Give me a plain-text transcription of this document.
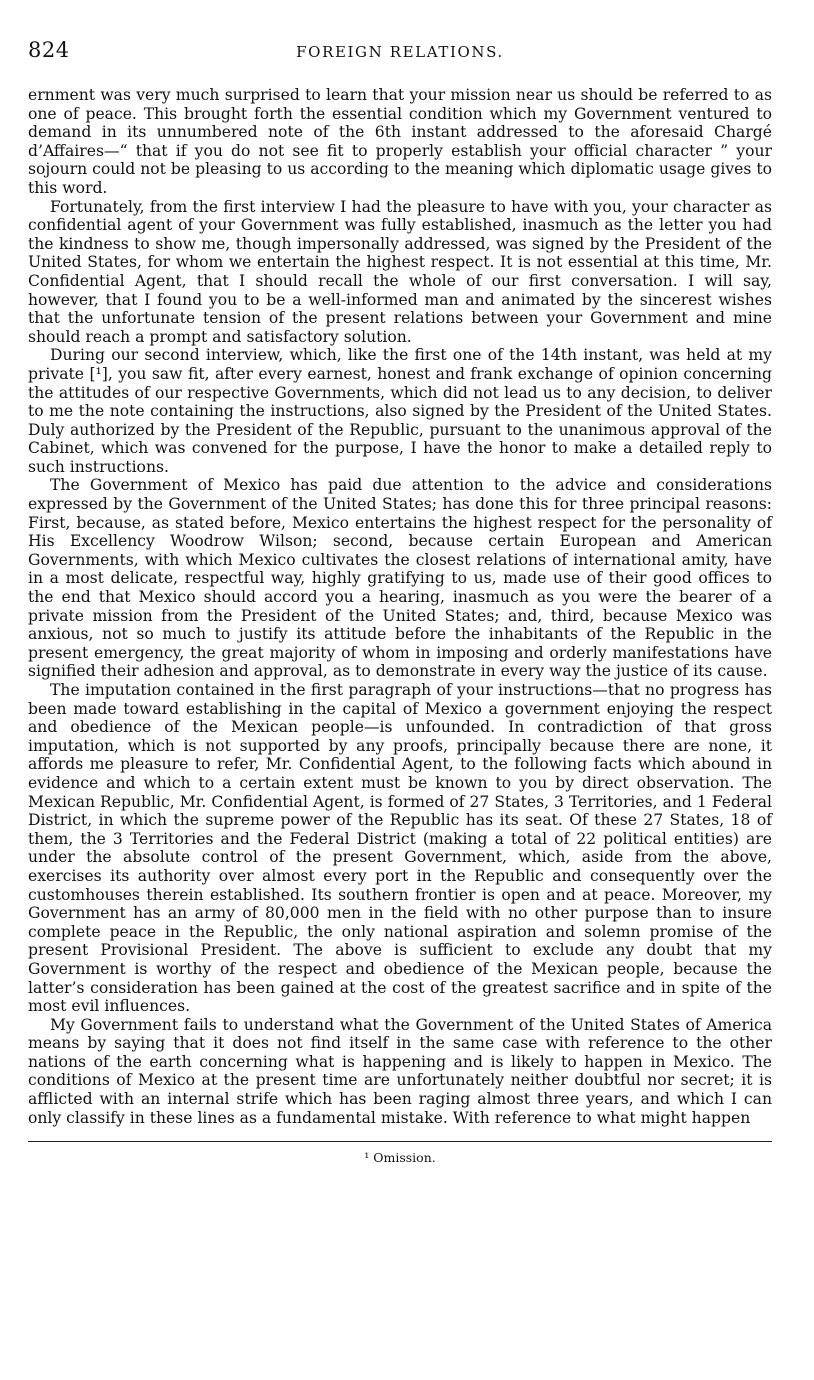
824	FOREIGN RELATIONS.

ernment was very much surprised to learn that your mission near us should be referred to as one of peace. This brought forth the essential condition which my Government ventured to demand in its unnumbered note of the 6th instant addressed to the aforesaid Chargé d’Affaires—“ that if you do not see fit to properly establish your official character ” your sojourn could not be pleasing to us according to the meaning which diplomatic usage gives to this word.

Fortunately, from the first interview I had the pleasure to have with you, your character as confidential agent of your Government was fully established, inasmuch as the letter you had the kindness to show me, though impersonally addressed, was signed by the President of the United States, for whom we entertain the highest respect. It is not essential at this time, Mr. Confidential Agent, that I should recall the whole of our first conversation. I will say, however, that I found you to be a well-informed man and animated by the sincerest wishes that the unfortunate tension of the present relations between your Government and mine should reach a prompt and satisfactory solution.

During our second interview, which, like the first one of the 14th instant, was held at my private [¹], you saw fit, after every earnest, honest and frank exchange of opinion concerning the attitudes of our respective Governments, which did not lead us to any decision, to deliver to me the note containing the instructions, also signed by the President of the United States. Duly authorized by the President of the Republic, pursuant to the unanimous approval of the Cabinet, which was convened for the purpose, I have the honor to make a detailed reply to such instructions.

The Government of Mexico has paid due attention to the advice and considerations expressed by the Government of the United States; has done this for three principal reasons: First, because, as stated before, Mexico entertains the highest respect for the personality of His Excellency Woodrow Wilson; second, because certain European and American Governments, with which Mexico cultivates the closest relations of international amity, have in a most delicate, respectful way, highly gratifying to us, made use of their good offices to the end that Mexico should accord you a hearing, inasmuch as you were the bearer of a private mission from the President of the United States; and, third, because Mexico was anxious, not so much to justify its attitude before the inhabitants of the Republic in the present emergency, the great majority of whom in imposing and orderly manifestations have signified their adhesion and approval, as to demonstrate in every way the justice of its cause.

The imputation contained in the first paragraph of your instructions—that no progress has been made toward establishing in the capital of Mexico a government enjoying the respect and obedience of the Mexican people—is unfounded. In contradiction of that gross imputation, which is not supported by any proofs, principally because there are none, it affords me pleasure to refer, Mr. Confidential Agent, to the following facts which abound in evidence and which to a certain extent must be known to you by direct observation. The Mexican Republic, Mr. Confidential Agent, is formed of 27 States, 3 Territories, and 1 Federal District, in which the supreme power of the Republic has its seat. Of these 27 States, 18 of them, the 3 Territories and the Federal District (making a total of 22 political entities) are under the absolute control of the present Government, which, aside from the above, exercises its authority over almost every port in the Republic and consequently over the customhouses therein established. Its southern frontier is open and at peace. Moreover, my Government has an army of 80,000 men in the field with no other purpose than to insure complete peace in the Republic, the only national aspiration and solemn promise of the present Provisional President. The above is sufficient to exclude any doubt that my Government is worthy of the respect and obedience of the Mexican people, because the latter’s consideration has been gained at the cost of the greatest sacrifice and in spite of the most evil influences.

My Government fails to understand what the Government of the United States of America means by saying that it does not find itself in the same case with reference to the other nations of the earth concerning what is happening and is likely to happen in Mexico. The conditions of Mexico at the present time are unfortunately neither doubtful nor secret; it is afflicted with an internal strife which has been raging almost three years, and which I can only classify in these lines as a fundamental mistake. With reference to what might happen

¹ Omission.
